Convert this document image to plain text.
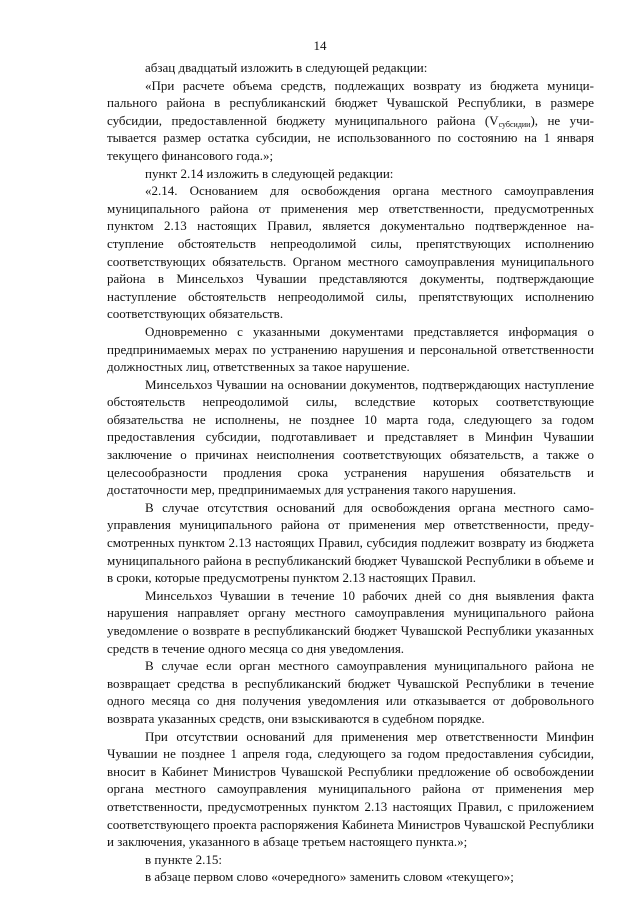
14

абзац двадцатый изложить в следующей редакции:

«При расчете объема средств, подлежащих возврату из бюджета муниципального района в республиканский бюджет Чувашской Республики, в размере субсидии, предоставленной бюджету муниципального района $(V_{субсидии})$, не учитывается размер остатка субсидии, не использованного по состоянию на 1 января текущего финансового года.»;

пункт 2.14 изложить в следующей редакции:

«2.14. Основанием для освобождения органа местного самоуправления муниципального района от применения мер ответственности, предусмотренных пунктом 2.13 настоящих Правил, является документально подтвержденное наступление обстоятельств непреодолимой силы, препятствующих исполнению соответствующих обязательств. Органом местного самоуправления муниципального района в Минсельхоз Чувашии представляются документы, подтверждающие наступление обстоятельств непреодолимой силы, препятствующих исполнению соответствующих обязательств.

Одновременно с указанными документами представляется информация о предпринимаемых мерах по устранению нарушения и персональной ответственности должностных лиц, ответственных за такое нарушение.

Минсельхоз Чувашии на основании документов, подтверждающих наступление обстоятельств непреодолимой силы, вследствие которых соответствующие обязательства не исполнены, не позднее 10 марта года, следующего за годом предоставления субсидии, подготавливает и представляет в Минфин Чувашии заключение о причинах неисполнения соответствующих обязательств, а также о целесообразности продления срока устранения нарушения обязательств и достаточности мер, предпринимаемых для устранения такого нарушения.

В случае отсутствия оснований для освобождения органа местного самоуправления муниципального района от применения мер ответственности, предусмотренных пунктом 2.13 настоящих Правил, субсидия подлежит возврату из бюджета муниципального района в республиканский бюджет Чувашской Республики в объеме и в сроки, которые предусмотрены пунктом 2.13 настоящих Правил.

Минсельхоз Чувашии в течение 10 рабочих дней со дня выявления факта нарушения направляет органу местного самоуправления муниципального района уведомление о возврате в республиканский бюджет Чувашской Республики указанных средств в течение одного месяца со дня уведомления.

В случае если орган местного самоуправления муниципального района не возвращает средства в республиканский бюджет Чувашской Республики в течение одного месяца со дня получения уведомления или отказывается от добровольного возврата указанных средств, они взыскиваются в судебном порядке.

При отсутствии оснований для применения мер ответственности Минфин Чувашии не позднее 1 апреля года, следующего за годом предоставления субсидии, вносит в Кабинет Министров Чувашской Республики предложение об освобождении органа местного самоуправления муниципального района от применения мер ответственности, предусмотренных пунктом 2.13 настоящих Правил, с приложением соответствующего проекта распоряжения Кабинета Министров Чувашской Республики и заключения, указанного в абзаце третьем настоящего пункта.»;

в пункте 2.15:

в абзаце первом слово «очередного» заменить словом «текущего»;
